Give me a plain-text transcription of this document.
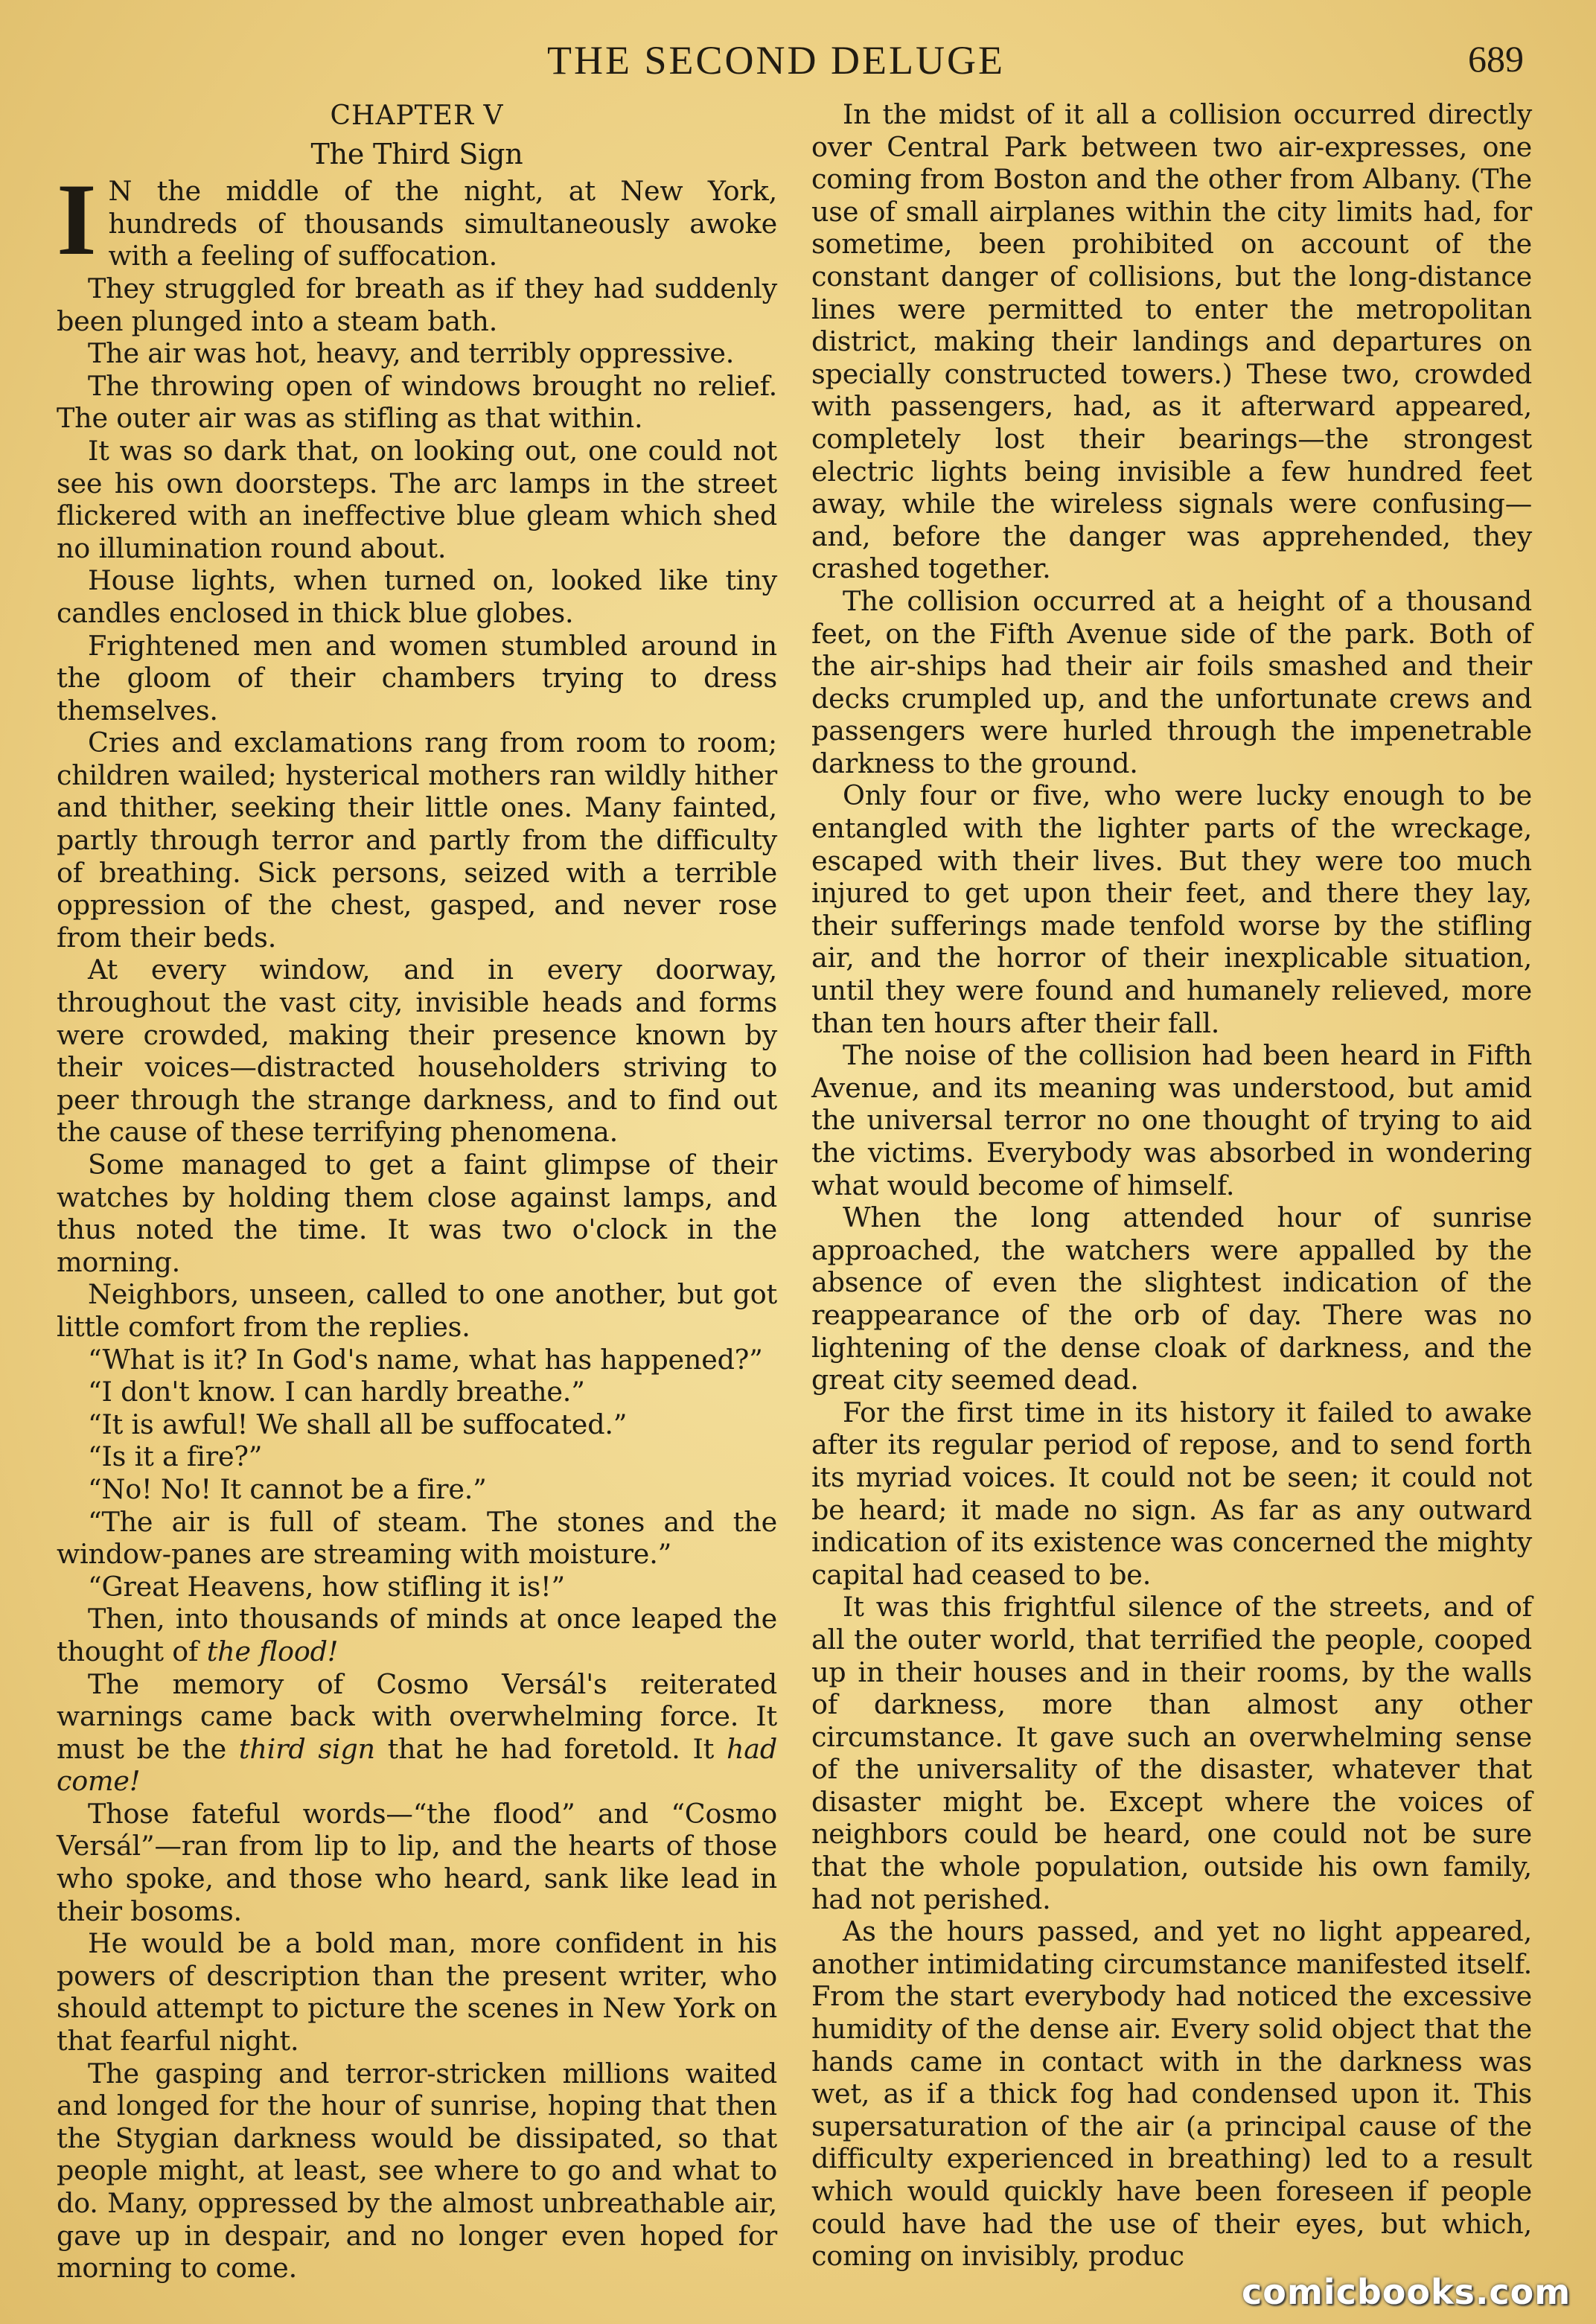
THE SECOND DELUGE	689
CHAPTER V
The Third Sign

I N the middle of the night, at New York, hundreds of thousands simultaneously awoke with a feeling of suffocation.

They struggled for breath as if they had suddenly been plunged into a steam bath.

The air was hot, heavy, and terribly oppressive.

The throwing open of windows brought no relief. The outer air was as stifling as that within.

It was so dark that, on looking out, one could not see his own doorsteps. The arc lamps in the street flickered with an ineffective blue gleam which shed no illumination round about.

House lights, when turned on, looked like tiny candles enclosed in thick blue globes.

Frightened men and women stumbled around in the gloom of their chambers trying to dress themselves.

Cries and exclamations rang from room to room; children wailed; hysterical mothers ran wildly hither and thither, seeking their little ones. Many fainted, partly through terror and partly from the difficulty of breathing. Sick persons, seized with a terrible oppression of the chest, gasped, and never rose from their beds.

At every window, and in every doorway, throughout the vast city, invisible heads and forms were crowded, making their presence known by their voices—distracted householders striving to peer through the strange darkness, and to find out the cause of these terrifying phenomena.

Some managed to get a faint glimpse of their watches by holding them close against lamps, and thus noted the time. It was two o'clock in the morning.

Neighbors, unseen, called to one another, but got little comfort from the replies.

“What is it? In God's name, what has happened?”

“I don't know. I can hardly breathe.”

“It is awful! We shall all be suffocated.”

“Is it a fire?”

“No! No! It cannot be a fire.”

“The air is full of steam. The stones and the window-panes are streaming with moisture.”

“Great Heavens, how stifling it is!”

Then, into thousands of minds at once leaped the thought of the flood!

The memory of Cosmo Versál's reiterated warnings came back with overwhelming force. It must be the third sign that he had foretold. It had come!

Those fateful words—“the flood” and “Cosmo Versál”—ran from lip to lip, and the hearts of those who spoke, and those who heard, sank like lead in their bosoms.

He would be a bold man, more confident in his powers of description than the present writer, who should attempt to picture the scenes in New York on that fearful night.

The gasping and terror-stricken millions waited and longed for the hour of sunrise, hoping that then the Stygian darkness would be dissipated, so that people might, at least, see where to go and what to do. Many, oppressed by the almost unbreathable air, gave up in despair, and no longer even hoped for morning to come.

In the midst of it all a collision occurred directly over Central Park between two air-expresses, one coming from Boston and the other from Albany. (The use of small airplanes within the city limits had, for sometime, been prohibited on account of the constant danger of collisions, but the long-distance lines were permitted to enter the metropolitan district, making their landings and departures on specially constructed towers.) These two, crowded with passengers, had, as it afterward appeared, completely lost their bearings—the strongest electric lights being invisible a few hundred feet away, while the wireless signals were confusing—and, before the danger was apprehended, they crashed together.

The collision occurred at a height of a thousand feet, on the Fifth Avenue side of the park. Both of the air-ships had their air foils smashed and their decks crumpled up, and the unfortunate crews and passengers were hurled through the impenetrable darkness to the ground.

Only four or five, who were lucky enough to be entangled with the lighter parts of the wreckage, escaped with their lives. But they were too much injured to get upon their feet, and there they lay, their sufferings made tenfold worse by the stifling air, and the horror of their inexplicable situation, until they were found and humanely relieved, more than ten hours after their fall.

The noise of the collision had been heard in Fifth Avenue, and its meaning was understood, but amid the universal terror no one thought of trying to aid the victims. Everybody was absorbed in wondering what would become of himself.

When the long attended hour of sunrise approached, the watchers were appalled by the absence of even the slightest indication of the reappearance of the orb of day. There was no lightening of the dense cloak of darkness, and the great city seemed dead.

For the first time in its history it failed to awake after its regular period of repose, and to send forth its myriad voices. It could not be seen; it could not be heard; it made no sign. As far as any outward indication of its existence was concerned the mighty capital had ceased to be.

It was this frightful silence of the streets, and of all the outer world, that terrified the people, cooped up in their houses and in their rooms, by the walls of darkness, more than almost any other circumstance. It gave such an overwhelming sense of the universality of the disaster, whatever that disaster might be. Except where the voices of neighbors could be heard, one could not be sure that the whole population, outside his own family, had not perished.

As the hours passed, and yet no light appeared, another intimidating circumstance manifested itself. From the start everybody had noticed the excessive humidity of the dense air. Every solid object that the hands came in contact with in the darkness was wet, as if a thick fog had condensed upon it. This supersaturation of the air (a principal cause of the difficulty experienced in breathing) led to a result which would quickly have been foreseen if people could have had the use of their eyes, but which, coming on invisibly, produc

comicbooks.com
